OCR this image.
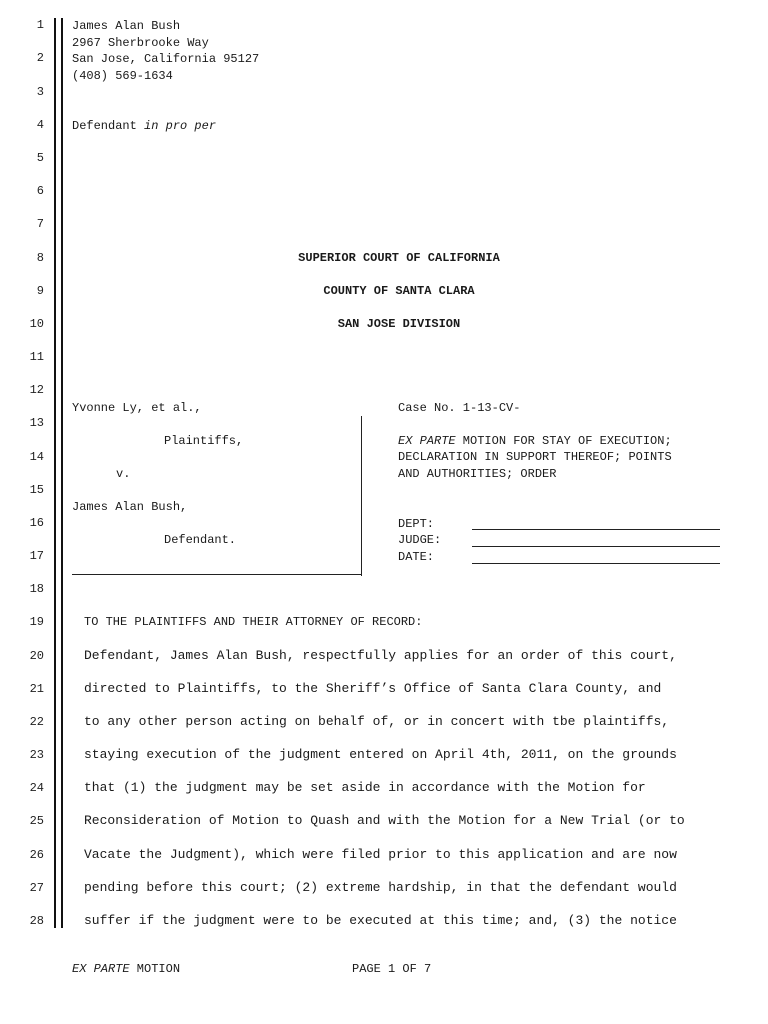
1
2
3
4
5
6
7
8
9
10
11
12
13
14
15
16
17
18
19
20
21
22
23
24
25
26
27
28
James Alan Bush
2967 Sherbrooke Way
San Jose, California 95127
(408) 569-1634
Defendant in pro per
SUPERIOR COURT OF CALIFORNIA
COUNTY OF SANTA CLARA
SAN JOSE DIVISION
Yvonne Ly, et al.,
Plaintiffs,
v.
James Alan Bush,
Defendant.
Case No. 1-13-CV-
EX PARTE MOTION FOR STAY OF EXECUTION;
DECLARATION IN SUPPORT THEREOF; POINTS
AND AUTHORITIES; ORDER
DEPT:
JUDGE:
DATE:
TO THE PLAINTIFFS AND THEIR ATTORNEY OF RECORD:
Defendant, James Alan Bush, respectfully applies for an order of this court,
directed to Plaintiffs, to the Sheriff’s Office of Santa Clara County, and
to any other person acting on behalf of, or in concert with tbe plaintiffs,
staying execution of the judgment entered on April 4th, 2011, on the grounds
that (1) the judgment may be set aside in accordance with the Motion for
Reconsideration of Motion to Quash and with the Motion for a New Trial (or to
Vacate the Judgment), which were filed prior to this application and are now
pending before this court; (2) extreme hardship, in that the defendant would
suffer if the judgment were to be executed at this time; and, (3) the notice
EX PARTE MOTION	PAGE 1 OF 7
